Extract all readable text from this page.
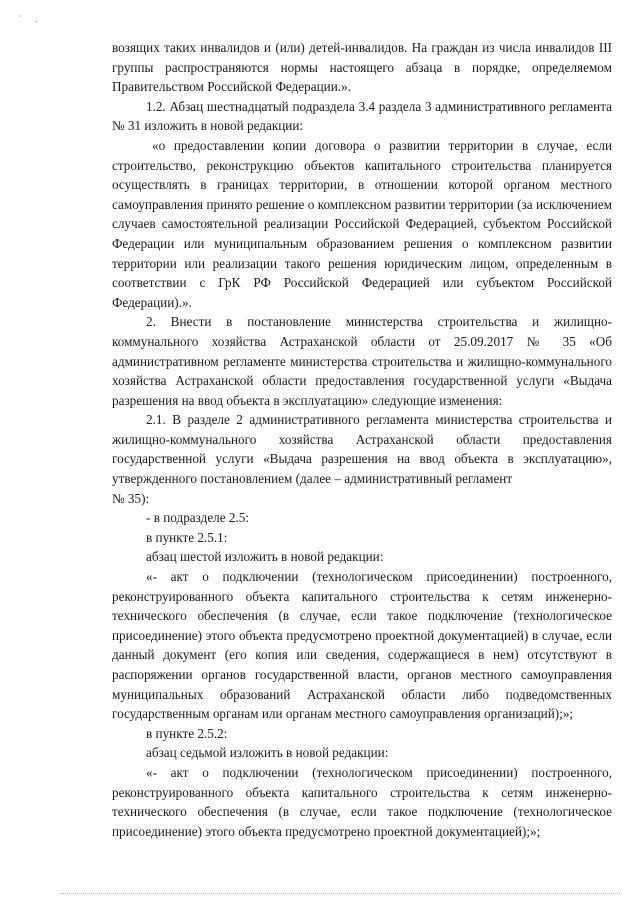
` .

возящих таких инвалидов и (или) детей-инвалидов. На граждан из числа инвалидов III группы распространяются нормы настоящего абзаца в порядке, определяемом Правительством Российской Федерации.».

1.2. Абзац шестнадцатый подраздела 3.4 раздела 3 административного регламента № 31 изложить в новой редакции:

«о предоставлении копии договора о развитии территории в случае, если строительство, реконструкцию объектов капитального строительства планируется осуществлять в границах территории, в отношении которой органом местного самоуправления принято решение о комплексном развитии территории (за исключением случаев самостоятельной реализации Российской Федерацией, субъектом Российской Федерации или муниципальным образованием решения о комплексном развитии территории или реализации такого решения юридическим лицом, определенным в соответствии с ГрК РФ Российской Федерацией или субъектом Российской Федерации).».

2. Внести в постановление министерства строительства и жилищно-коммунального хозяйства Астраханской области от 25.09.2017 № 35 «Об административном регламенте министерства строительства и жилищно-коммунального хозяйства Астраханской области предоставления государственной услуги «Выдача разрешения на ввод объекта в эксплуатацию» следующие изменения:

2.1. В разделе 2 административного регламента министерства строительства и жилищно-коммунального хозяйства Астраханской области предоставления государственной услуги «Выдача разрешения на ввод объекта в эксплуатацию», утвержденного постановлением (далее – административный регламент

№ 35):

- в подразделе 2.5:

в пункте 2.5.1:

абзац шестой изложить в новой редакции:

«- акт о подключении (технологическом присоединении) построенного, реконструированного объекта капитального строительства к сетям инженерно-технического обеспечения (в случае, если такое подключение (технологическое присоединение) этого объекта предусмотрено проектной документацией) в случае, если данный документ (его копия или сведения, содержащиеся в нем) отсутствуют в распоряжении органов государственной власти, органов местного самоуправления муниципальных образований Астраханской области либо подведомственных государственным органам или органам местного самоуправления организаций);»;

в пункте 2.5.2:

абзац седьмой изложить в новой редакции:

«- акт о подключении (технологическом присоединении) построенного, реконструированного объекта капитального строительства к сетям инженерно-технического обеспечения (в случае, если такое подключение (технологическое присоединение) этого объекта предусмотрено проектной документацией);»;
